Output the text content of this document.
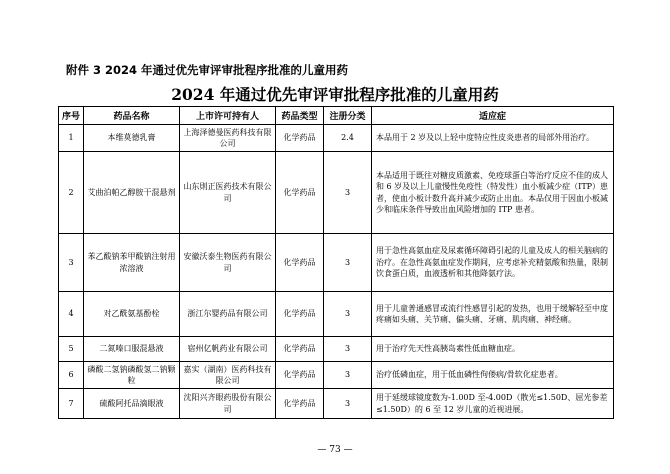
附件 3 2024 年通过优先审评审批程序批准的儿童用药
2024 年通过优先审评审批程序批准的儿童用药
序号	药品名称	上市许可持有人	药品类型	注册分类	适应症
1	本维莫德乳膏	上海泽德曼医药科技有限公司	化学药品	2.4	本品用于 2 岁及以上轻中度特应性皮炎患者的局部外用治疗。
2	艾曲泊帕乙醇胺干混悬剂	山东則正医药技术有限公司	化学药品	3	本品适用于既往对糖皮质激素、免疫球蛋白等治疗反应不佳的成人和 6 岁及以上儿童慢性免疫性（特发性）血小板减少症（ITP）患者，使血小板计数升高并减少或防止出血。本品仅用于因血小板减少和临床条件导致出血风险增加的 ITP 患者。
3	苯乙酸钠苯甲酸钠注射用浓溶液	安徽沃泰生物医药有限公司	化学药品	3	用于急性高氨血症及尿素循环障碍引起的儿童及成人的相关脑病的治疗。在急性高氨血症发作期间，应考虑补充精氨酸和热量，限制饮食蛋白质，血液透析和其他降氨疗法。
4	对乙酰氨基酚栓	浙江尔婴药品有限公司	化学药品	3	用于儿童普通感冒或流行性感冒引起的发热，也用于缓解轻至中度疼痛如头痛、关节痛、偏头痛、牙痛、肌肉痛、神经痛。
5	二氮嗪口服混悬液	宿州亿帆药业有限公司	化学药品	3	用于治疗先天性高胰岛素性低血糖血症。
6	磷酸二氢钠磷酸氢二钠颗粒	嘉实（湖南）医药科技有限公司	化学药品	3	治疗低磷血症，用于低血磷性佝偻病/骨软化症患者。
7	硫酸阿托品滴眼液	沈阳兴齐眼药股份有限公司	化学药品	3	用于延缓球镜度数为-1.00D 至-4.00D（散光≤1.50D、屈光参差≤1.50D）的 6 至 12 岁儿童的近视进展。
— 73 —
